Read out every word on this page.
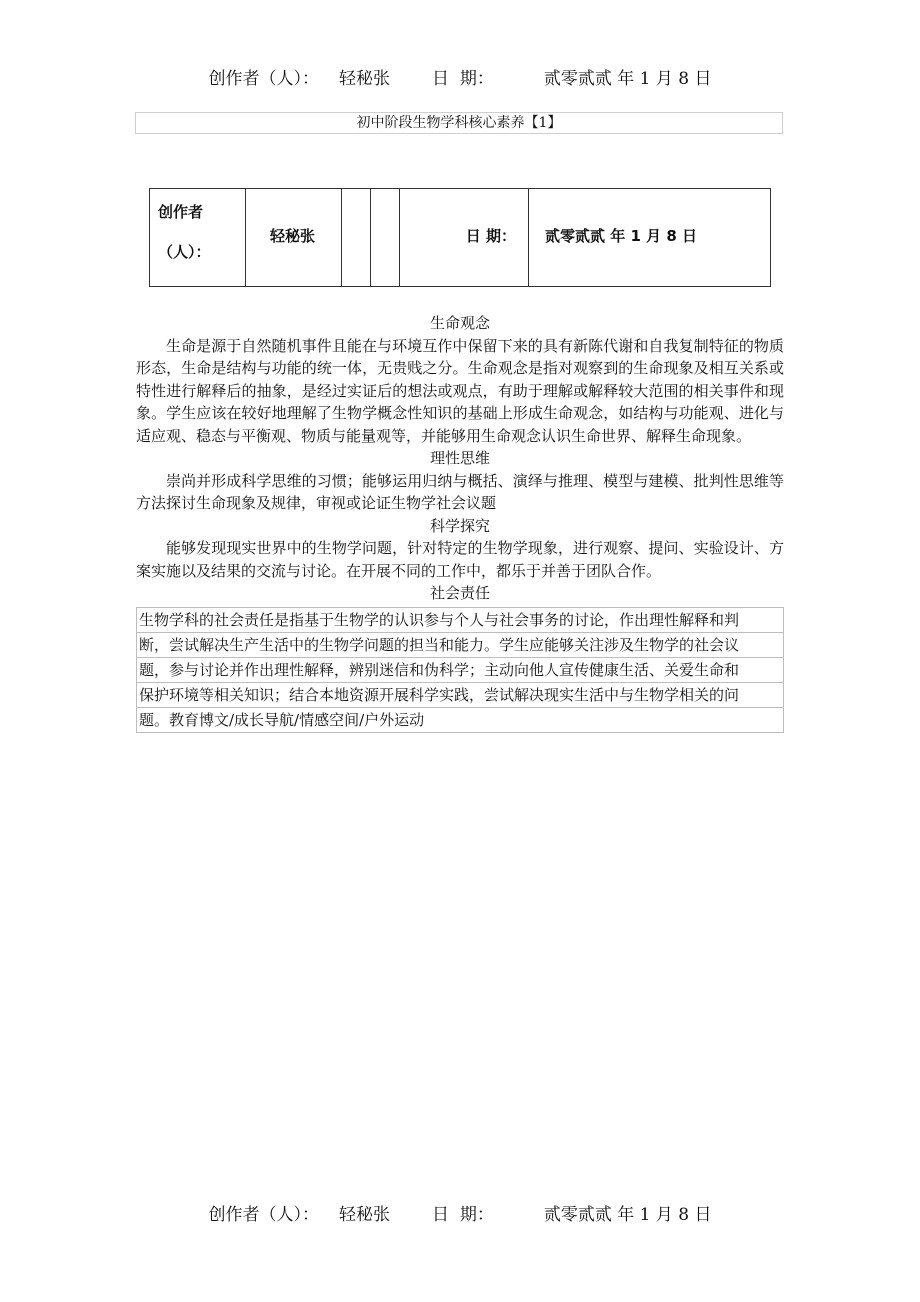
创作者（人）： 轻秘张 日  期：	贰零贰贰 年 1 月 8 日
初中阶段生物学科核心素养【1】
创作者
（人）：

轻秘张			日 期：	贰零贰贰 年 1 月 8 日

生命观念

生命是源于自然随机事件且能在与环境互作中保留下来的具有新陈代谢和自我复制特征的物质形态，生命是结构与功能的统一体，无贵贱之分。生命观念是指对观察到的生命现象及相互关系或特性进行解释后的抽象，是经过实证后的想法或观点，有助于理解或解释较大范围的相关事件和现象。学生应该在较好地理解了生物学概念性知识的基础上形成生命观念，如结构与功能观、进化与适应观、稳态与平衡观、物质与能量观等，并能够用生命观念认识生命世界、解释生命现象。

理性思维

崇尚并形成科学思维的习惯；能够运用归纳与概括、演绎与推理、模型与建模、批判性思维等方法探讨生命现象及规律，审视或论证生物学社会议题

科学探究

能够发现现实世界中的生物学问题，针对特定的生物学现象，进行观察、提问、实验设计、方案实施以及结果的交流与讨论。在开展不同的工作中，都乐于并善于团队合作。

社会责任

生物学科的社会责任是指基于生物学的认识参与个人与社会事务的讨论，作出理性解释和判
断，尝试解决生产生活中的生物学问题的担当和能力。学生应能够关注涉及生物学的社会议
题，参与讨论并作出理性解释，辨别迷信和伪科学；主动向他人宣传健康生活、关爱生命和
保护环境等相关知识；结合本地资源开展科学实践，尝试解决现实生活中与生物学相关的问
题。教育博文/成长导航/情感空间/户外运动
创作者（人）： 轻秘张 日  期：	贰零贰贰 年 1 月 8 日
